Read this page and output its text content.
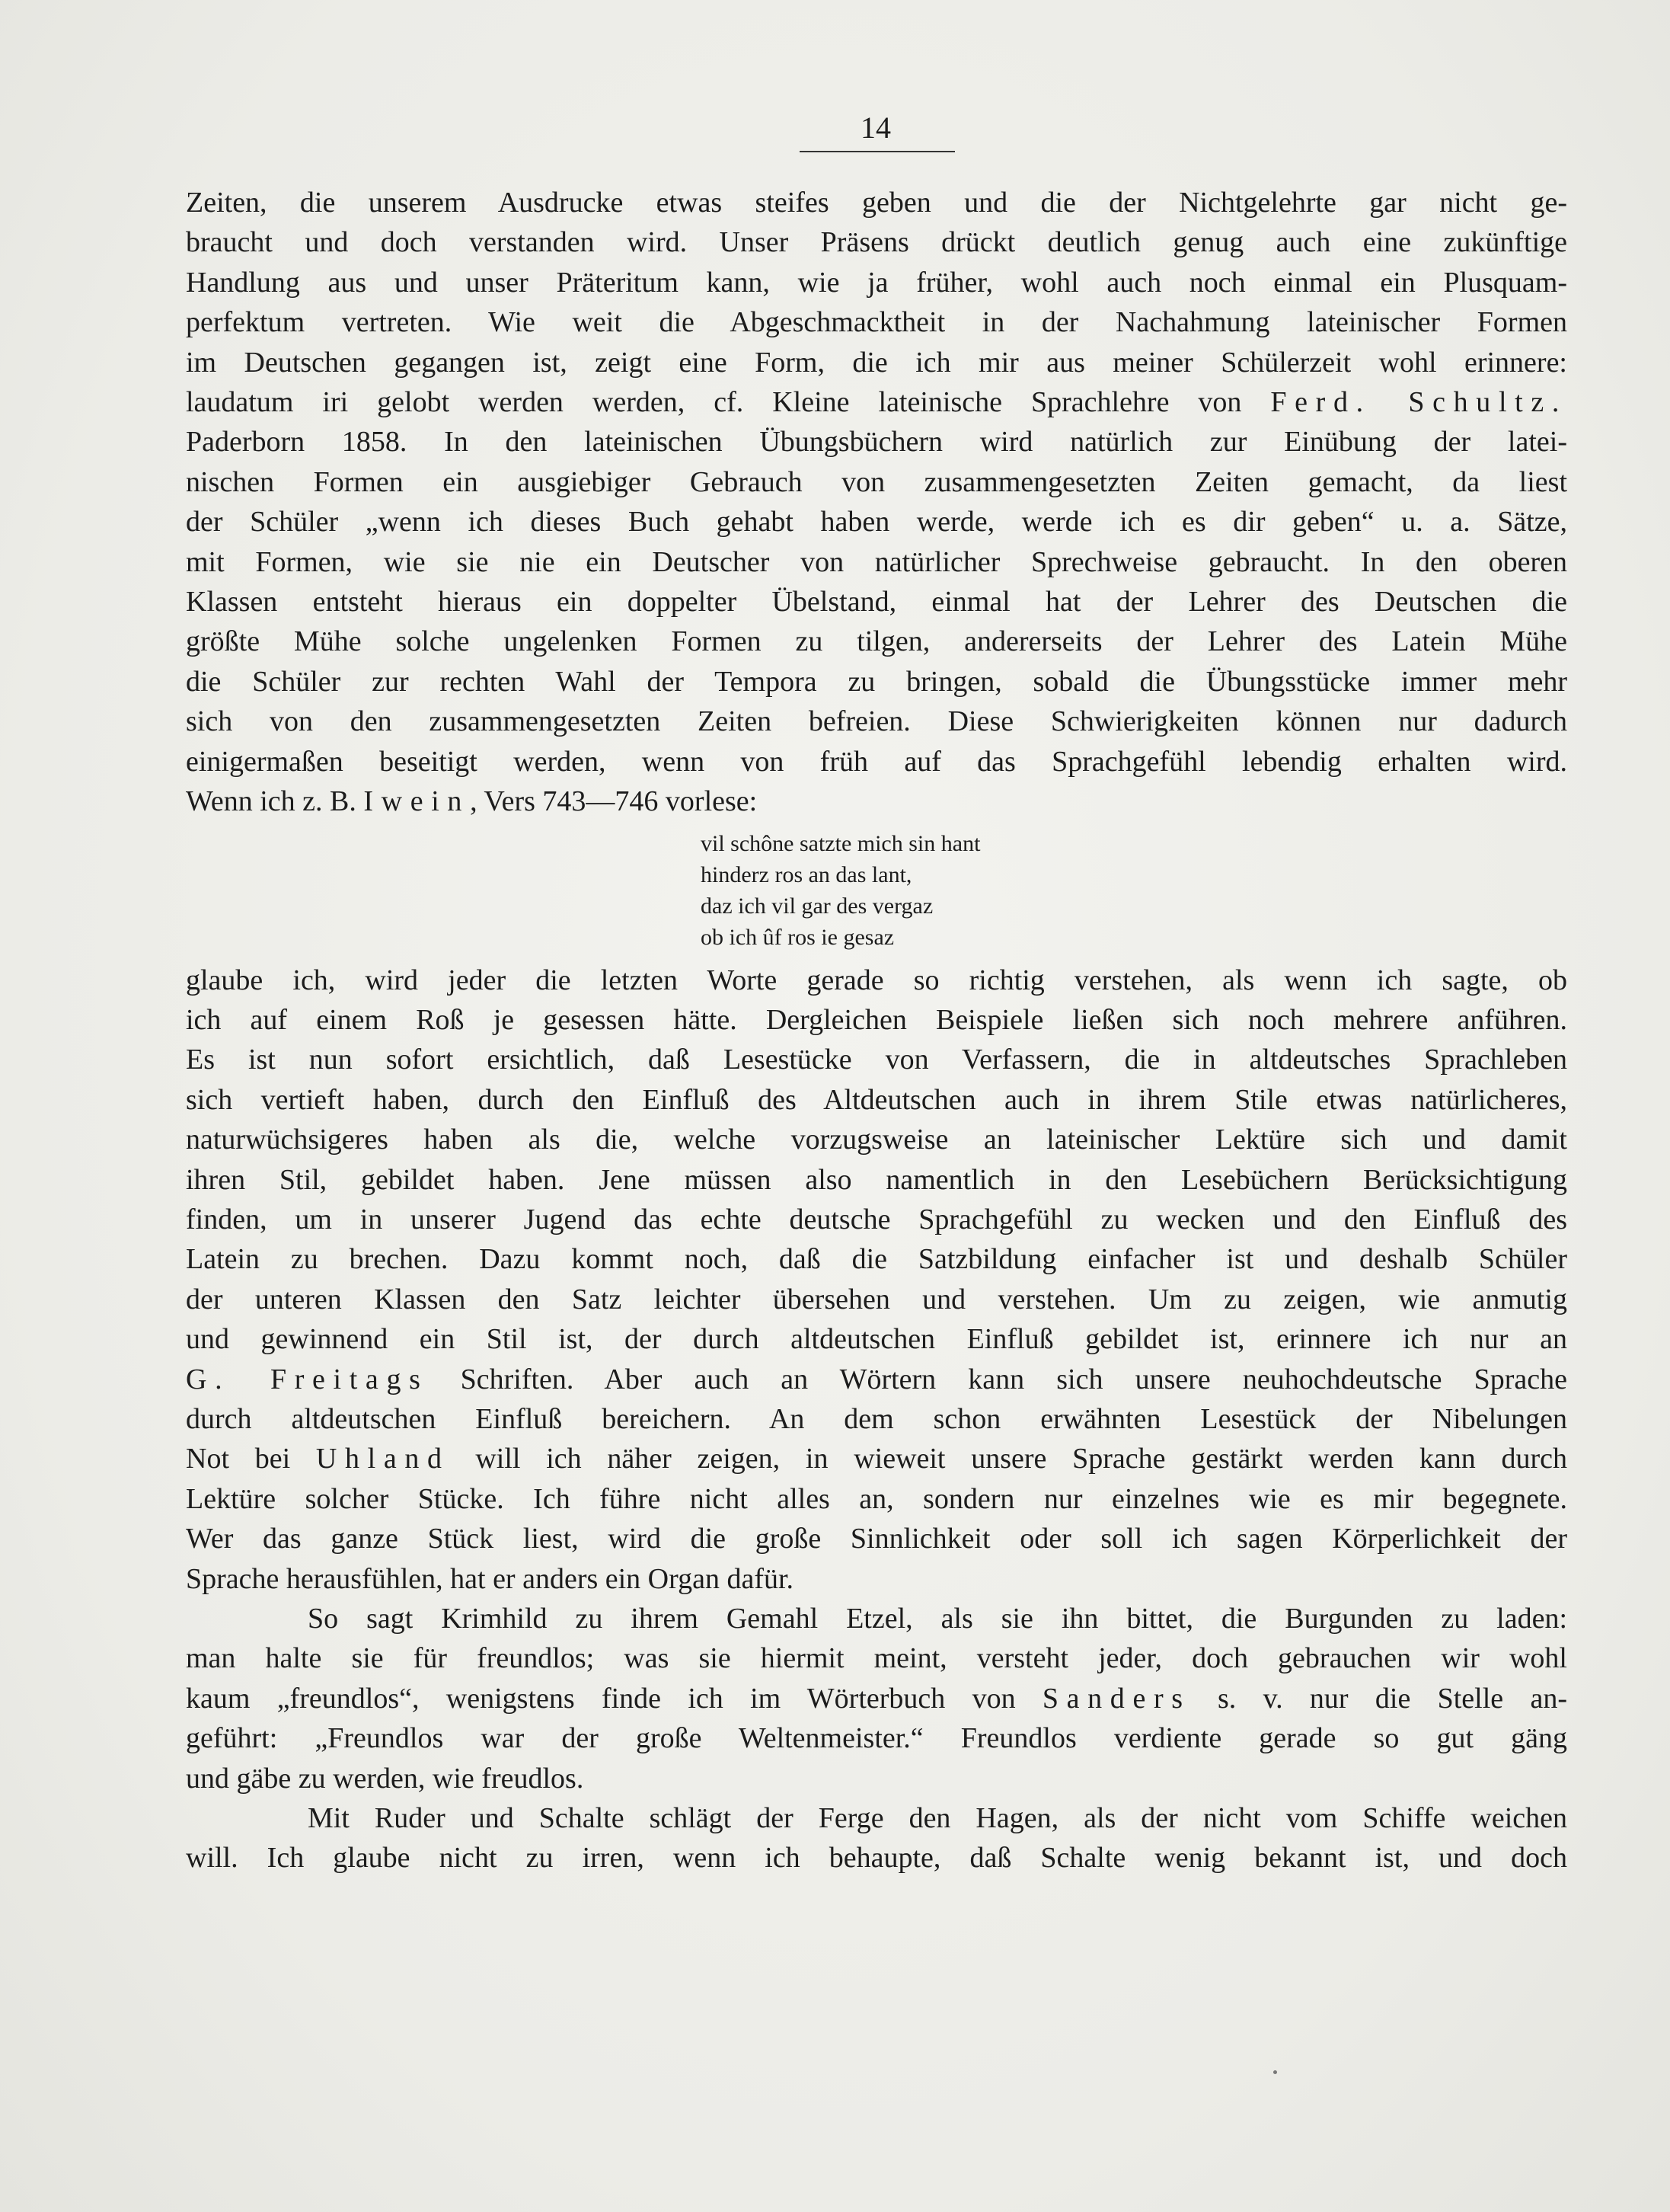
14

Zeiten, die unserem Ausdrucke etwas steifes geben und die der Nichtgelehrte gar nicht ge-
braucht und doch verstanden wird. Unser Präsens drückt deutlich genug auch eine zukünftige
Handlung aus und unser Präteritum kann, wie ja früher, wohl auch noch einmal ein Plusquam-
perfektum vertreten. Wie weit die Abgeschmacktheit in der Nachahmung lateinischer Formen
im Deutschen gegangen ist, zeigt eine Form, die ich mir aus meiner Schülerzeit wohl erinnere:
laudatum iri gelobt werden werden, cf. Kleine lateinische Sprachlehre von Ferd. Schultz.
Paderborn 1858. In den lateinischen Übungsbüchern wird natürlich zur Einübung der latei-
nischen Formen ein ausgiebiger Gebrauch von zusammengesetzten Zeiten gemacht, da liest
der Schüler „wenn ich dieses Buch gehabt haben werde, werde ich es dir geben“ u. a. Sätze,
mit Formen, wie sie nie ein Deutscher von natürlicher Sprechweise gebraucht. In den oberen
Klassen entsteht hieraus ein doppelter Übelstand, einmal hat der Lehrer des Deutschen die
größte Mühe solche ungelenken Formen zu tilgen, andererseits der Lehrer des Latein Mühe
die Schüler zur rechten Wahl der Tempora zu bringen, sobald die Übungsstücke immer mehr
sich von den zusammengesetzten Zeiten befreien. Diese Schwierigkeiten können nur dadurch
einigermaßen beseitigt werden, wenn von früh auf das Sprachgefühl lebendig erhalten wird.
Wenn ich z. B. Iwein, Vers 743—746 vorlese:

vil schône satzte mich sin hant
hinderz ros an das lant,
daz ich vil gar des vergaz
ob ich ûf ros ie gesaz

glaube ich, wird jeder die letzten Worte gerade so richtig verstehen, als wenn ich sagte, ob
ich auf einem Roß je gesessen hätte. Dergleichen Beispiele ließen sich noch mehrere anführen.
Es ist nun sofort ersichtlich, daß Lesestücke von Verfassern, die in altdeutsches Sprachleben
sich vertieft haben, durch den Einfluß des Altdeutschen auch in ihrem Stile etwas natürlicheres,
naturwüchsigeres haben als die, welche vorzugsweise an lateinischer Lektüre sich und damit
ihren Stil, gebildet haben. Jene müssen also namentlich in den Lesebüchern Berücksichtigung
finden, um in unserer Jugend das echte deutsche Sprachgefühl zu wecken und den Einfluß des
Latein zu brechen. Dazu kommt noch, daß die Satzbildung einfacher ist und deshalb Schüler
der unteren Klassen den Satz leichter übersehen und verstehen. Um zu zeigen, wie anmutig
und gewinnend ein Stil ist, der durch altdeutschen Einfluß gebildet ist, erinnere ich nur an
G. Freitags Schriften. Aber auch an Wörtern kann sich unsere neuhochdeutsche Sprache
durch altdeutschen Einfluß bereichern. An dem schon erwähnten Lesestück der Nibelungen
Not bei Uhland will ich näher zeigen, in wieweit unsere Sprache gestärkt werden kann durch
Lektüre solcher Stücke. Ich führe nicht alles an, sondern nur einzelnes wie es mir begegnete.
Wer das ganze Stück liest, wird die große Sinnlichkeit oder soll ich sagen Körperlichkeit der
Sprache herausfühlen, hat er anders ein Organ dafür.

So sagt Krimhild zu ihrem Gemahl Etzel, als sie ihn bittet, die Burgunden zu laden:
man halte sie für freundlos; was sie hiermit meint, versteht jeder, doch gebrauchen wir wohl
kaum „freundlos“, wenigstens finde ich im Wörterbuch von Sanders s. v. nur die Stelle an-
geführt: „Freundlos war der große Weltenmeister.“ Freundlos verdiente gerade so gut gäng
und gäbe zu werden, wie freudlos.

Mit Ruder und Schalte schlägt der Ferge den Hagen, als der nicht vom Schiffe weichen
will. Ich glaube nicht zu irren, wenn ich behaupte, daß Schalte wenig bekannt ist, und doch
